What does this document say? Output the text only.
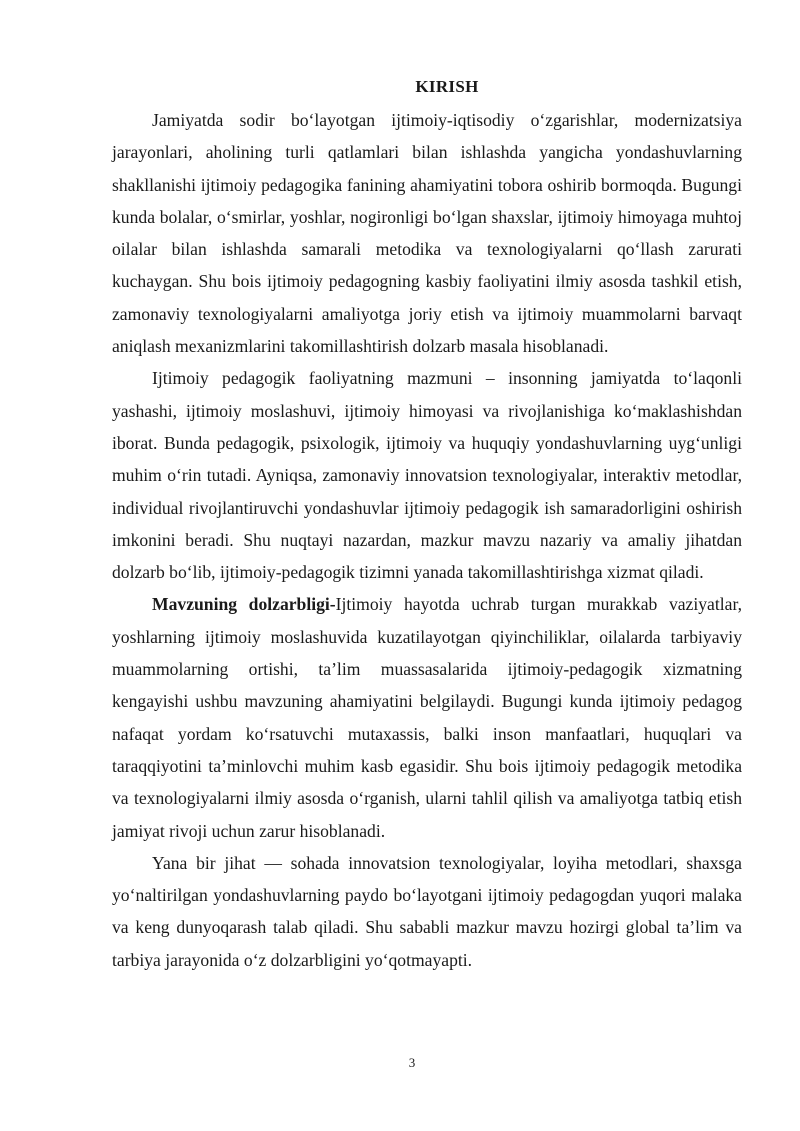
KIRISH

Jamiyatda sodir bo‘layotgan ijtimoiy-iqtisodiy o‘zgarishlar, modernizatsiya jarayonlari, aholining turli qatlamlari bilan ishlashda yangicha yondashuvlarning shakllanishi ijtimoiy pedagogika fanining ahamiyatini tobora oshirib bormoqda. Bugungi kunda bolalar, o‘smirlar, yoshlar, nogironligi bo‘lgan shaxslar, ijtimoiy himoyaga muhtoj oilalar bilan ishlashda samarali metodika va texnologiyalarni qo‘llash zarurati kuchaygan. Shu bois ijtimoiy pedagogning kasbiy faoliyatini ilmiy asosda tashkil etish, zamonaviy texnologiyalarni amaliyotga joriy etish va ijtimoiy muammolarni barvaqt aniqlash mexanizmlarini takomillashtirish dolzarb masala hisoblanadi.

Ijtimoiy pedagogik faoliyatning mazmuni – insonning jamiyatda to‘laqonli yashashi, ijtimoiy moslashuvi, ijtimoiy himoyasi va rivojlanishiga ko‘maklashishdan iborat. Bunda pedagogik, psixologik, ijtimoiy va huquqiy yondashuvlarning uyg‘unligi muhim o‘rin tutadi. Ayniqsa, zamonaviy innovatsion texnologiyalar, interaktiv metodlar, individual rivojlantiruvchi yondashuvlar ijtimoiy pedagogik ish samaradorligini oshirish imkonini beradi. Shu nuqtayi nazardan, mazkur mavzu nazariy va amaliy jihatdan dolzarb bo‘lib, ijtimoiy-pedagogik tizimni yanada takomillashtirishga xizmat qiladi.

Mavzuning dolzarbligi-Ijtimoiy hayotda uchrab turgan murakkab vaziyatlar, yoshlarning ijtimoiy moslashuvida kuzatilayotgan qiyinchiliklar, oilalarda tarbiyaviy muammolarning ortishi, ta’lim muassasalarida ijtimoiy-pedagogik xizmatning kengayishi ushbu mavzuning ahamiyatini belgilaydi. Bugungi kunda ijtimoiy pedagog nafaqat yordam ko‘rsatuvchi mutaxassis, balki inson manfaatlari, huquqlari va taraqqiyotini ta’minlovchi muhim kasb egasidir. Shu bois ijtimoiy pedagogik metodika va texnologiyalarni ilmiy asosda o‘rganish, ularni tahlil qilish va amaliyotga tatbiq etish jamiyat rivoji uchun zarur hisoblanadi.

Yana bir jihat — sohada innovatsion texnologiyalar, loyiha metodlari, shaxsga yo‘naltirilgan yondashuvlarning paydo bo‘layotgani ijtimoiy pedagogdan yuqori malaka va keng dunyoqarash talab qiladi. Shu sababli mazkur mavzu hozirgi global ta’lim va tarbiya jarayonida o‘z dolzarbligini yo‘qotmayapti.

3
